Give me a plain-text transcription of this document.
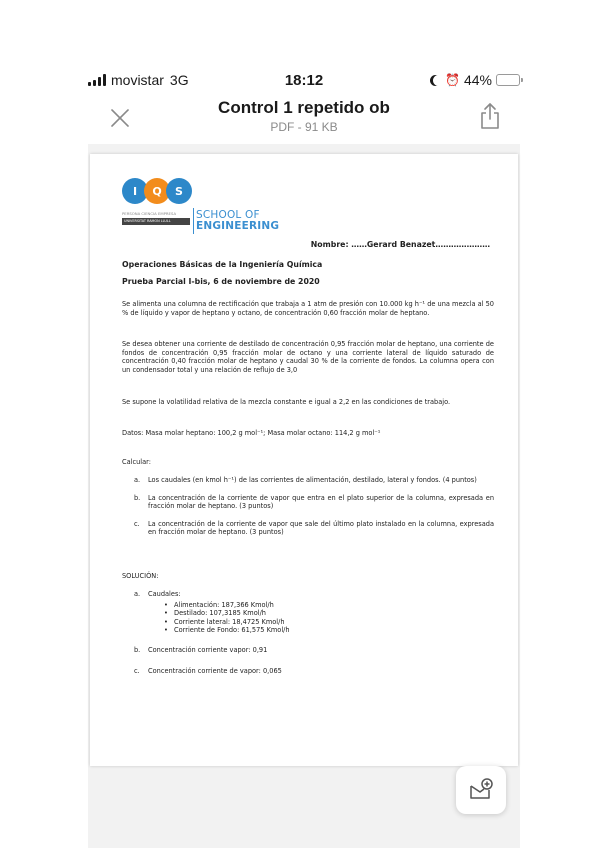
movistar 3G	18:12	⏰ 44%
Control 1 repetido ob
PDF - 91 KB
I	Q	S
PERSONA CIENCIA EMPRESA
UNIVERSITAT RAMON LLULL	SCHOOL OF
ENGINEERING
Nombre: ……Gerard Benazet…………………
Operaciones Básicas de la Ingeniería Química
Prueba Parcial I-bis, 6 de noviembre de 2020
Se alimenta una columna de rectificación que trabaja a 1 atm de presión con 10.000 kg h⁻¹ de una mezcla al 50 % de líquido y vapor de heptano y octano, de concentración 0,60 fracción molar de heptano.
Se desea obtener una corriente de destilado de concentración 0,95 fracción molar de heptano, una corriente de fondos de concentración 0,95 fracción molar de octano y una corriente lateral de líquido saturado de concentración 0,40 fracción molar de heptano y caudal 30 % de la corriente de fondos. La columna opera con un condensador total y una relación de reflujo de 3,0
Se supone la volatilidad relativa de la mezcla constante e igual a 2,2 en las condiciones de trabajo.
Datos: Masa molar heptano: 100,2 g mol⁻¹; Masa molar octano: 114,2 g mol⁻¹
Calcular:
a. Los caudales (en kmol h⁻¹) de las corrientes de alimentación, destilado, lateral y fondos. (4 puntos)
b. La concentración de la corriente de vapor que entra en el plato superior de la columna, expresada en fracción molar de heptano. (3 puntos)
c. La concentración de la corriente de vapor que sale del último plato instalado en la columna, expresada en fracción molar de heptano. (3 puntos)
SOLUCIÓN:
a. Caudales:
• Alimentación: 187,366 Kmol/h
• Destilado: 107,3185 Kmol/h
• Corriente lateral: 18,4725 Kmol/h
• Corriente de Fondo: 61,575 Kmol/h
b. Concentración corriente vapor: 0,91
c. Concentración corriente de vapor: 0,065
